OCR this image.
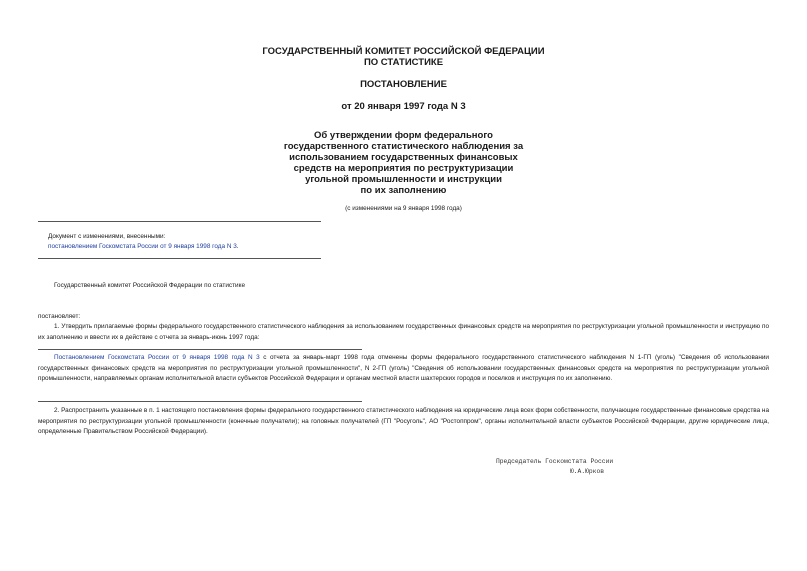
ГОСУДАРСТВЕННЫЙ КОМИТЕТ РОССИЙСКОЙ ФЕДЕРАЦИИ
ПО СТАТИСТИКЕ
ПОСТАНОВЛЕНИЕ
от 20 января 1997 года N 3
Об утверждении форм федерального
государственного статистического наблюдения за
использованием государственных финансовых
средств на мероприятия по реструктуризации
угольной промышленности и инструкции
по их заполнению
(с изменениями на 9 января 1998 года)
Документ с изменениями, внесенными:
постановлением Госкомстата России от 9 января 1998 года N 3.
Государственный комитет Российской Федерации по статистике
постановляет:
1. Утвердить прилагаемые формы федерального государственного статистического наблюдения за использованием государственных финансовых средств на мероприятия по реструктуризации угольной промышленности и инструкцию по их заполнению и ввести их в действие с отчета за январь-июнь 1997 года:
Постановлением Госкомстата России от 9 января 1998 года N 3 с отчета за январь-март 1998 года отменены формы федерального государственного статистического наблюдения N 1-ГП (уголь) "Сведения об использовании государственных финансовых средств на мероприятия по реструктуризации угольной промышленности", N 2-ГП (уголь) "Сведения об использовании государственных финансовых средств на мероприятия по реструктуризации угольной промышленности, направляемых органам исполнительной власти субъектов Российской Федерации и органам местной власти шахтерских городов и поселков и инструкция по их заполнению.
2. Распространить указанные в п. 1 настоящего постановления формы федерального государственного статистического наблюдения на юридические лица всех форм собственности, получающие государственные финансовые средства на мероприятия по реструктуризации угольной промышленности (конечные получатели); на головных получателей (ГП "Росуголь", АО "Ростоппром", органы исполнительной власти субъектов Российской Федерации, другие юридические лица, определенные Правительством Российской Федерации).
Председатель Госкомстата России
Ю.А.Юрков
